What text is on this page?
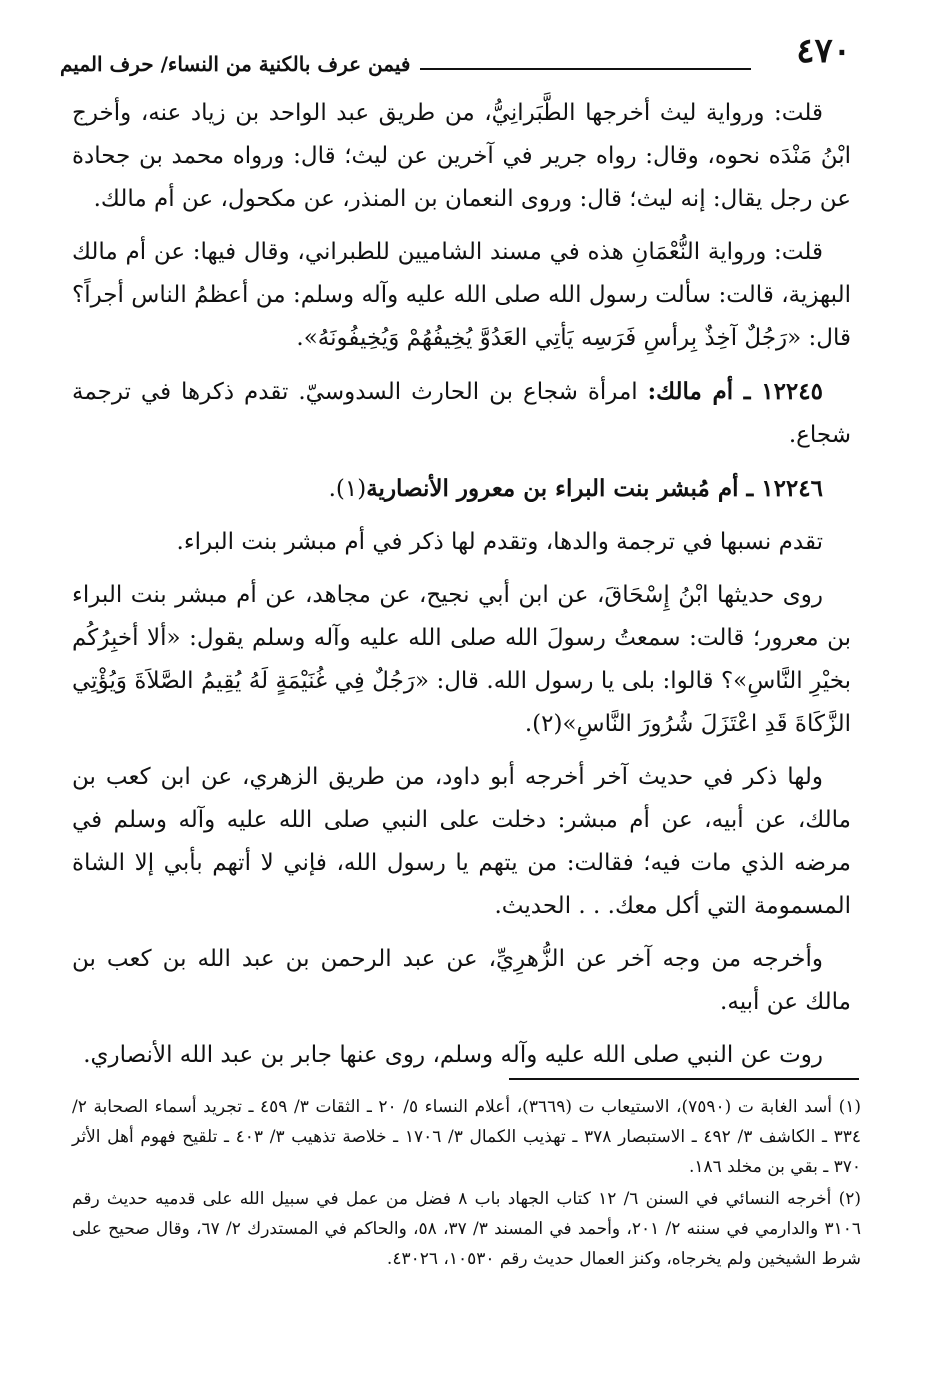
٤٧٠
فيمن عرف بالكنية من النساء/ حرف الميم

قلت: ورواية ليث أخرجها الطَّبَرانِيُّ، من طريق عبد الواحد بن زياد عنه، وأخرج ابْنُ مَنْدَه نحوه، وقال: رواه جرير في آخرين عن ليث؛ قال: ورواه محمد بن جحادة عن رجل يقال: إنه ليث؛ قال: وروى النعمان بن المنذر، عن مكحول، عن أم مالك.

قلت: ورواية النُّعْمَانِ هذه في مسند الشاميين للطبراني، وقال فيها: عن أم مالك البهزية، قالت: سألت رسول الله صلى الله عليه وآله وسلم: من أعظمُ الناس أجراً؟ قال: «رَجُلٌ آخِذٌ بِرأسِ فَرَسِه يَأتِي العَدُوَّ يُخِيفُهُمْ وَيُخِيفُونَهُ».

١٢٢٤٥ ـ أم مالك: امرأة شجاع بن الحارث السدوسيّ. تقدم ذكرها في ترجمة شجاع.

١٢٢٤٦ ـ أم مُبشر بنت البراء بن معرور الأنصارية(١).

تقدم نسبها في ترجمة والدها، وتقدم لها ذكر في أم مبشر بنت البراء.

روى حديثها ابْنُ إِسْحَاقَ، عن ابن أبي نجيح، عن مجاهد، عن أم مبشر بنت البراء بن معرور؛ قالت: سمعتُ رسولَ الله صلى الله عليه وآله وسلم يقول: «ألا أخبِرُكُم بخيْرِ النَّاسِ»؟ قالوا: بلى يا رسول الله. قال: «رَجُلٌ فِي غُنَيْمَةٍ لَهُ يُقِيمُ الصَّلاَةَ وَيُؤْتِي الزَّكَاةَ قَدِ اعْتَزَلَ شُرُورَ النَّاسِ»(٢).

ولها ذكر في حديث آخر أخرجه أبو داود، من طريق الزهري، عن ابن كعب بن مالك، عن أبيه، عن أم مبشر: دخلت على النبي صلى الله عليه وآله وسلم في مرضه الذي مات فيه؛ فقالت: من يتهم يا رسول الله، فإني لا أتهم بأبي إلا الشاة المسمومة التي أكل معك. . . الحديث.

وأخرجه من وجه آخر عن الزُّهرِيِّ، عن عبد الرحمن بن عبد الله بن كعب بن مالك عن أبيه.

روت عن النبي صلى الله عليه وآله وسلم، روى عنها جابر بن عبد الله الأنصاري.

(١) أسد الغابة ت (٧٥٩٠)، الاستيعاب ت (٣٦٦٩)، أعلام النساء ٥/ ٢٠ ـ الثقات ٣/ ٤٥٩ ـ تجريد أسماء الصحابة ٢/ ٣٣٤ ـ الكاشف ٣/ ٤٩٢ ـ الاستبصار ٣٧٨ ـ تهذيب الكمال ٣/ ١٧٠٦ ـ خلاصة تذهيب ٣/ ٤٠٣ ـ تلقيح فهوم أهل الأثر ٣٧٠ ـ بقي بن مخلد ١٨٦.

(٢) أخرجه النسائي في السنن ٦/ ١٢ كتاب الجهاد باب ٨ فضل من عمل في سبيل الله على قدميه حديث رقم ٣١٠٦ والدارمي في سننه ٢/ ٢٠١، وأحمد في المسند ٣/ ٣٧، ٥٨، والحاكم في المستدرك ٢/ ٦٧، وقال صحيح على شرط الشيخين ولم يخرجاه، وكنز العمال حديث رقم ١٠٥٣٠، ٤٣٠٢٦.
